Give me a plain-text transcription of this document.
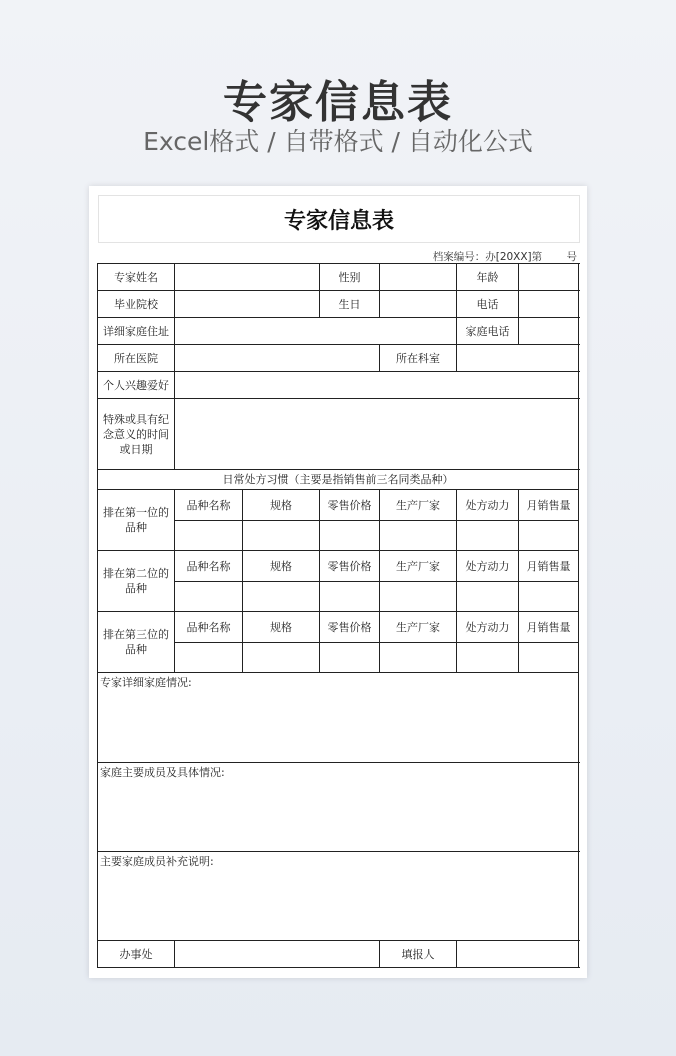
专家信息表
Excel格式 / 自带格式 / 自动化公式
专家信息表
档案编号：办[20XX]第　　 号
专家姓名			性别		年龄	
毕业院校			生日		电话	
详细家庭住址					家庭电话	
所在医院				所在科室		
个人兴趣爱好						
特殊或具有纪念意义的时间或日期						
日常处方习惯（主要是指销售前三名同类品种）						
排在第一位的品种	品种名称	规格	零售价格	生产厂家	处方动力	月销售量

排在第二位的品种	品种名称	规格	零售价格	生产厂家	处方动力	月销售量

排在第三位的品种	品种名称	规格	零售价格	生产厂家	处方动力	月销售量

专家详细家庭情况:						
家庭主要成员及具体情况:						
主要家庭成员补充说明:						
办事处				填报人		
